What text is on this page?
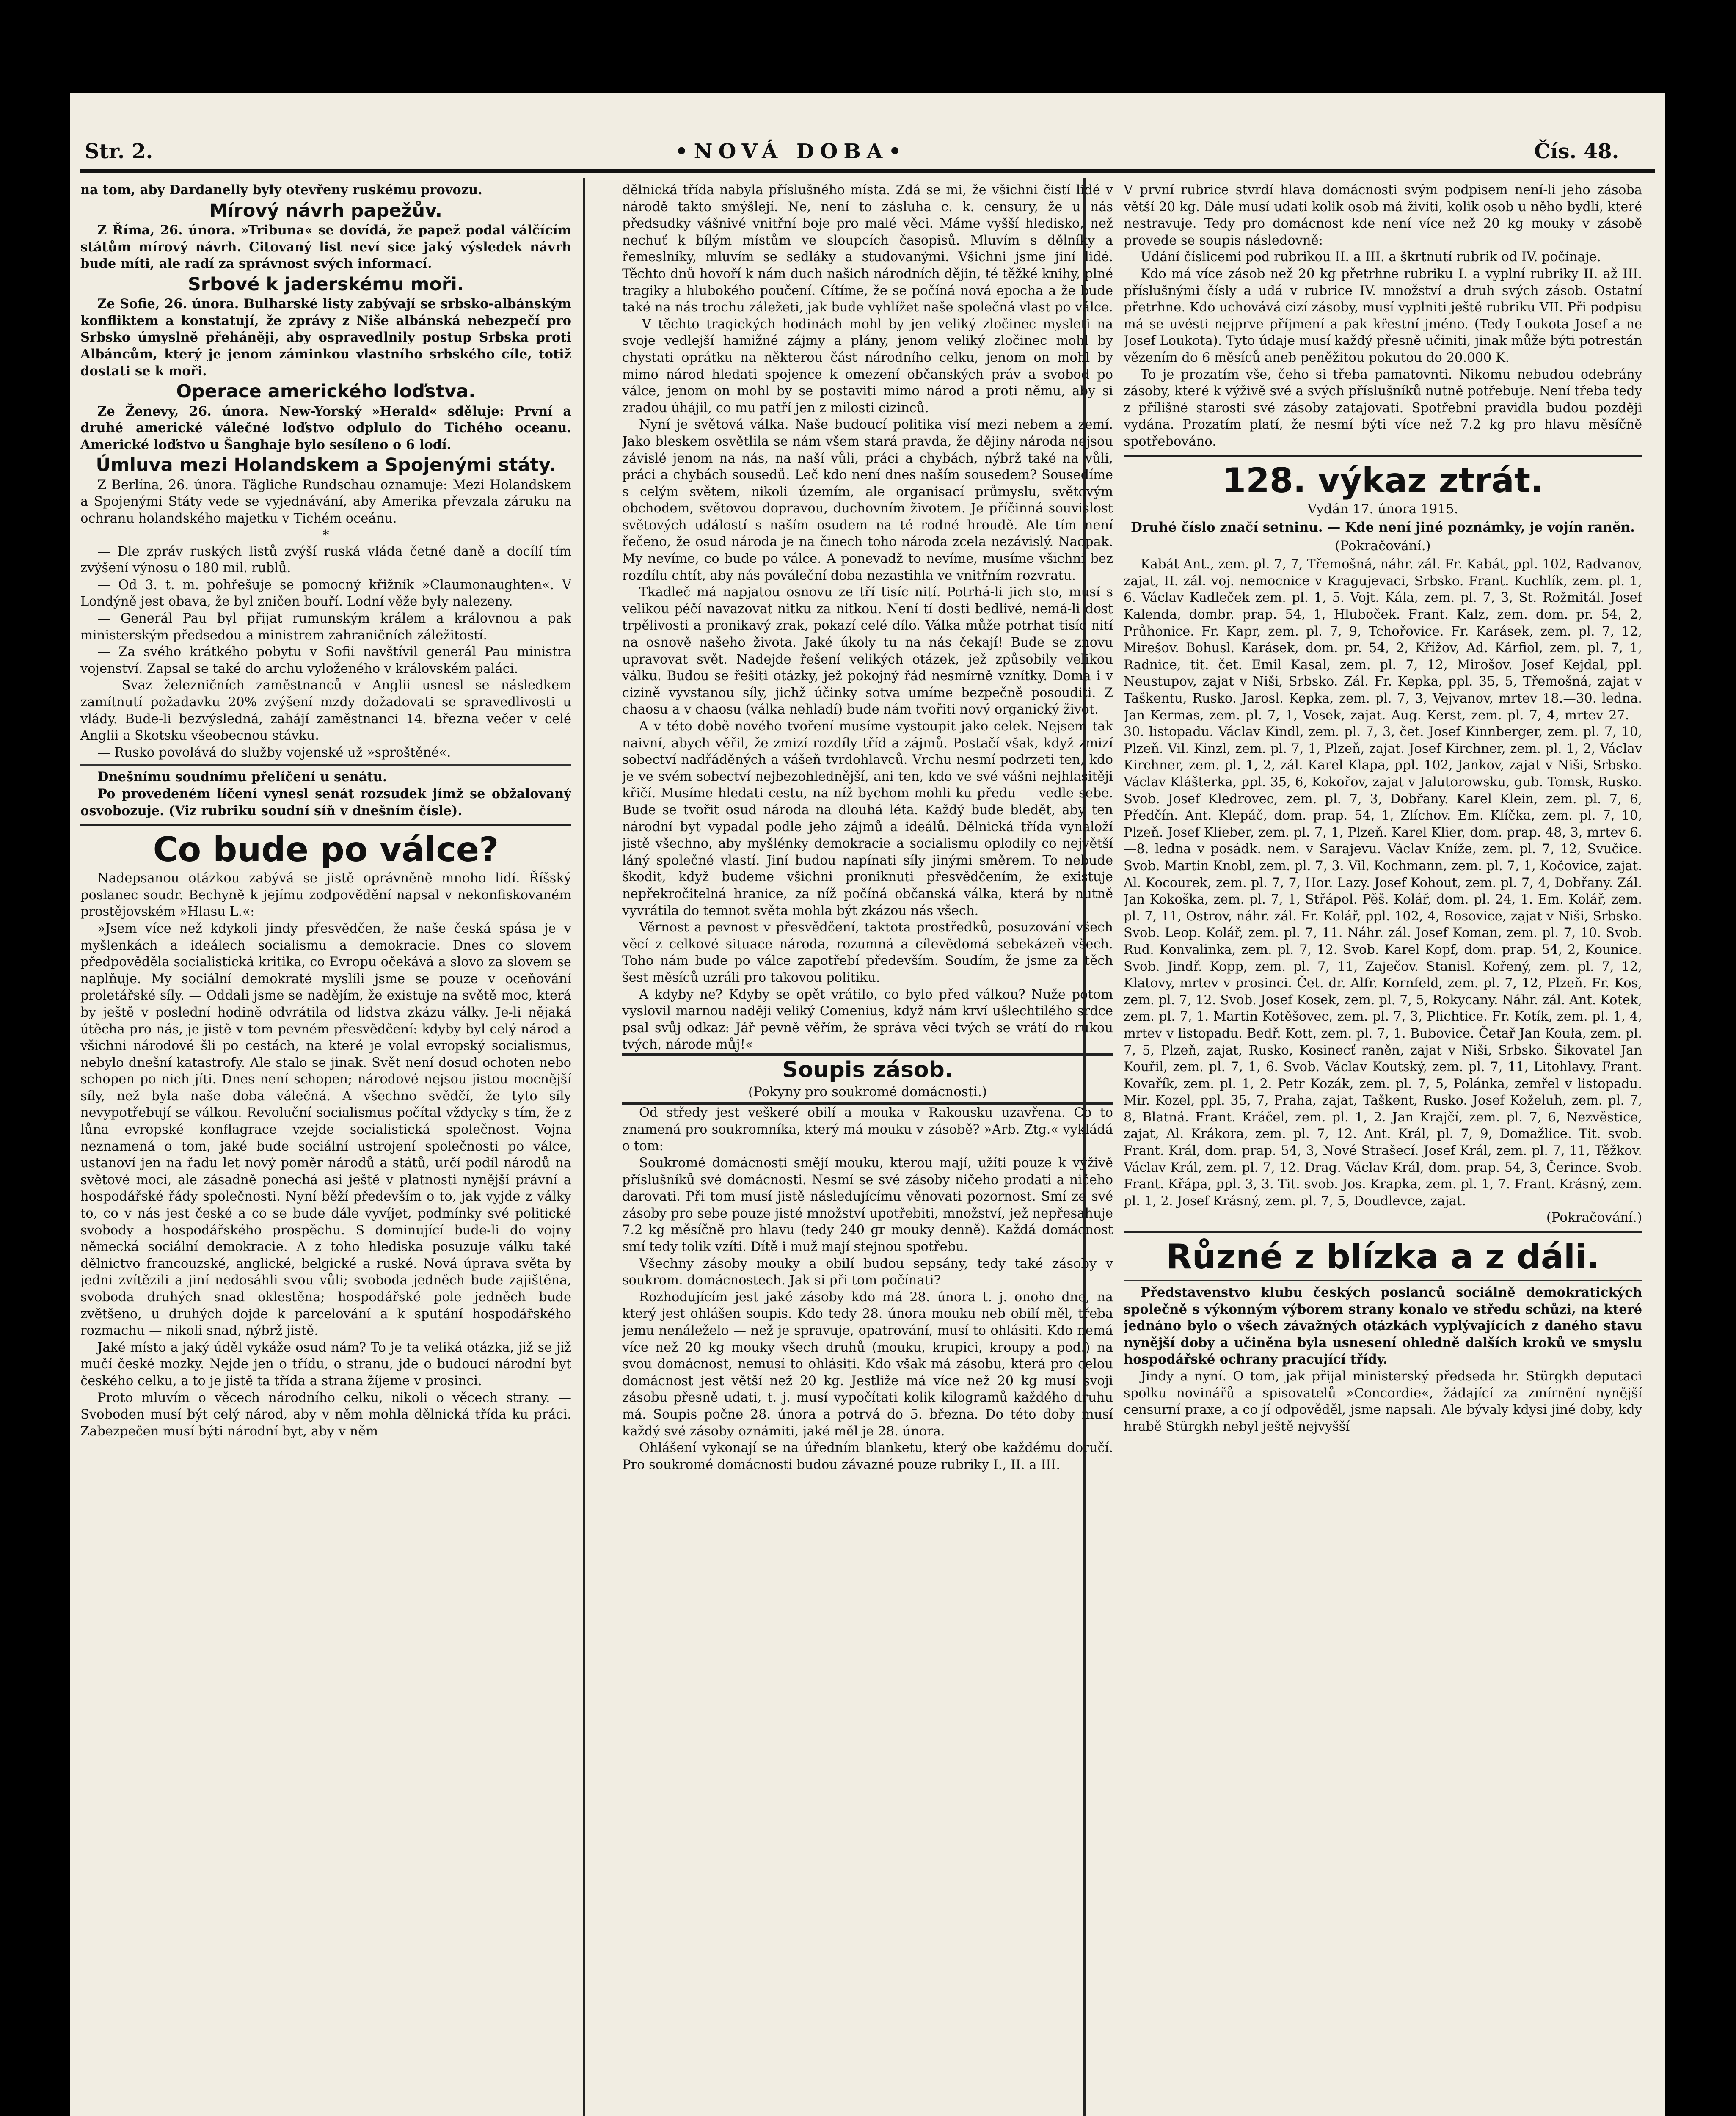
Str. 2.	•NOVÁ DOBA•	Čís. 48.

na tom, aby Dardanelly byly otevřeny ruskému provozu.

Mírový návrh papežův.

Z Říma, 26. února. »Tribuna« se dovídá, že papež podal válčícím státům mírový návrh. Citovaný list neví sice jaký výsledek návrh bude míti, ale radí za správnost svých informací.

Srbové k jaderskému moři.

Ze Sofie, 26. února. Bulharské listy zabývají se srbsko-albánským konfliktem a konstatují, že zprávy z Niše albánská nebezpečí pro Srbsko úmyslně přeháněji, aby ospravedlnily postup Srbska proti Albáncům, který je jenom záminkou vlastního srbského cíle, totiž dostati se k moři.

Operace amerického loďstva.

Ze Ženevy, 26. února. New-Yorský »Herald« sděluje: První a druhé americké válečné loďstvo odplulo do Tichého oceanu. Americké loďstvo u Šanghaje bylo sesíleno o 6 lodí.

Úmluva mezi Holandskem a Spojenými státy.

Z Berlína, 26. února. Tägliche Rundschau oznamuje: Mezi Holandskem a Spojenými Státy vede se vyjednávání, aby Amerika převzala záruku na ochranu holandského majetku v Tichém oceánu.

*

— Dle zpráv ruských listů zvýší ruská vláda četné daně a docílí tím zvýšení výnosu o 180 mil. rublů.

— Od 3. t. m. pohřešuje se pomocný křižník »Claumonaughten«. V Londýně jest obava, že byl zničen bouří. Lodní věže byly nalezeny.

— Generál Pau byl přijat rumunským králem a královnou a pak ministerským předsedou a ministrem zahraničních záležitostí.

— Za svého krátkého pobytu v Sofii navštívil generál Pau ministra vojenství. Zapsal se také do archu vyloženého v královském paláci.

— Svaz železničních zaměstnanců v Anglii usnesl se následkem zamítnutí požadavku 20% zvýšení mzdy dožadovati se spravedlivosti u vlády. Bude-li bezvýsledná, zahájí zaměstnanci 14. března večer v celé Anglii a Skotsku všeobecnou stávku.

— Rusko povolává do služby vojenské už »sproštěné«.

Dnešnímu soudnímu přelíčení u senátu.

Po provedeném líčení vynesl senát rozsudek jímž se obžalovaný osvobozuje. (Viz rubriku soudní síň v dnešním čísle).

Co bude po válce?

Nadepsanou otázkou zabývá se jistě oprávněně mnoho lidí. Říšský poslanec soudr. Bechyně k jejímu zodpovědění napsal v nekonfiskovaném prostějovském »Hlasu L.«:

»Jsem více než kdykoli jindy přesvědčen, že naše česká spása je v myšlenkách a ideálech socialismu a demokracie. Dnes co slovem předpověděla socialistická kritika, co Evropu očekává a slovo za slovem se naplňuje. My sociální demokraté myslíli jsme se pouze v oceňování proletářské síly. — Oddali jsme se nadějím, že existuje na světě moc, která by ještě v poslední hodině odvrátila od lidstva zkázu války. Je-li nějaká útěcha pro nás, je jistě v tom pevném přesvědčení: kdyby byl celý národ a všichni národové šli po cestách, na které je volal evropský socialismus, nebylo dnešní katastrofy. Ale stalo se jinak. Svět není dosud ochoten nebo schopen po nich jíti. Dnes není schopen; národové nejsou jistou mocnější síly, než byla naše doba válečná. A všechno svědčí, že tyto síly nevypotřebují se válkou. Revoluční socialismus počítal vždycky s tím, že z lůna evropské konflagrace vzejde socialistická společnost. Vojna neznamená o tom, jaké bude sociální ustrojení společnosti po válce, ustanoví jen na řadu let nový poměr národů a států, určí podíl národů na světové moci, ale zásadně ponechá asi ještě v platnosti nynější právní a hospodářské řády společnosti. Nyní běží především o to, jak vyjde z války to, co v nás jest české a co se bude dále vyvíjet, podmínky své politické svobody a hospodářského prospěchu. S dominující bude-li do vojny německá sociální demokracie. A z toho hlediska posuzuje válku také dělnictvo francouzské, anglické, belgické a ruské. Nová úprava světa by jedni zvítězili a jiní nedosáhli svou vůli; svoboda jedněch bude zajištěna, svoboda druhých snad oklestěna; hospodářské pole jedněch bude zvětšeno, u druhých dojde k parcelování a k sputání hospodářského rozmachu — nikoli snad, nýbrž jistě.

Jaké místo a jaký úděl vykáže osud nám? To je ta veliká otázka, již se již mučí české mozky. Nejde jen o třídu, o stranu, jde o budoucí národní byt českého celku, a to je jistě ta třída a strana žíjeme v prosinci.

Proto mluvím o věcech národního celku, nikoli o věcech strany. — Svoboden musí být celý národ, aby v něm mohla dělnická třída ku práci. Zabezpečen musí býti národní byt, aby v něm

dělnická třída nabyla příslušného místa. Zdá se mi, že všichni čistí lidé v národě takto smýšlejí. Ne, není to zásluha c. k. censury, že u nás předsudky vášnivé vnitřní boje pro malé věci. Máme vyšší hledisko, než nechuť k bílým místům ve sloupcích časopisů. Mluvím s dělníky a řemeslníky, mluvím se sedláky a studovanými. Všichni jsme jiní lidé. Těchto dnů hovoří k nám duch našich národních dějin, té těžké knihy, plné tragiky a hlubokého poučení. Cítíme, že se počíná nová epocha a že bude také na nás trochu záležeti, jak bude vyhlížet naše společná vlast po válce. — V těchto tragických hodinách mohl by jen veliký zločinec mysleti na svoje vedlejší hamižné zájmy a plány, jenom veliký zločinec mohl by chystati oprátku na některou část národního celku, jenom on mohl by mimo národ hledati spojence k omezení občanských práv a svobod po válce, jenom on mohl by se postaviti mimo národ a proti němu, aby si zradou úhájil, co mu patří jen z milosti cizinců.

Nyní je světová válka. Naše budoucí politika visí mezi nebem a zemí. Jako bleskem osvětlila se nám všem stará pravda, že dějiny národa nejsou závislé jenom na nás, na naší vůli, práci a chybách, nýbrž také na vůli, práci a chybách sousedů. Leč kdo není dnes naším sousedem? Sousedíme s celým světem, nikoli územím, ale organisací průmyslu, světovým obchodem, světovou dopravou, duchovním životem. Je příčinná souvislost světových událostí s naším osudem na té rodné hroudě. Ale tím není řečeno, že osud národa je na činech toho národa zcela nezávislý. Naopak. My nevíme, co bude po válce. A ponevadž to nevíme, musíme všichni bez rozdílu chtít, aby nás pováleční doba nezastihla ve vnitřním rozvratu.

Tkadleč má napjatou osnovu ze tří tisíc nití. Potrhá-li jich sto, musí s velikou péčí navazovat nitku za nitkou. Není tí dosti bedlivé, nemá-li dost trpělivosti a pronikavý zrak, pokazí celé dílo. Válka může potrhat tisíc nití na osnově našeho života. Jaké úkoly tu na nás čekají! Bude se znovu upravovat svět. Nadejde řešení velikých otázek, jež způsobily velikou válku. Budou se řešiti otázky, jež pokojný řád nesmírně vznítky. Doma i v cizině vyvstanou síly, jichž účinky sotva umíme bezpečně posouditi. Z chaosu a v chaosu (válka nehladí) bude nám tvořiti nový organický život.

A v této době nového tvoření musíme vystoupit jako celek. Nejsem tak naivní, abych věřil, že zmizí rozdíly tříd a zájmů. Postačí však, když zmizí sobectví nadřáděných a vášeň tvrdohlavců. Vrchu nesmí podrzeti ten, kdo je ve svém sobectví nejbezohlednější, ani ten, kdo ve své vášni nejhlasitěji křičí. Musíme hledati cestu, na níž bychom mohli ku předu — vedle sebe. Bude se tvořit osud národa na dlouhá léta. Každý bude bledět, aby ten národní byt vypadal podle jeho zájmů a ideálů. Dělnická třída vynaloží jistě všechno, aby myšlénky demokracie a socialismu oplodily co největší láný společné vlastí. Jiní budou napínati síly jinými směrem. To nebude škodit, když budeme všichni proniknuti přesvědčením, že existuje nepřekročitelná hranice, za níž počíná občanská válka, která by nutně vyvrátila do temnot světa mohla být zkázou nás všech.

Věrnost a pevnost v přesvědčení, taktota prostředků, posuzování všech věcí z celkové situace národa, rozumná a cílevědomá sebekázeň všech. Toho nám bude po válce zapotřebí především. Soudím, že jsme za těch šest měsíců uzráli pro takovou politiku.

A kdyby ne? Kdyby se opět vrátilo, co bylo před válkou? Nuže potom vyslovil marnou naději veliký Comenius, když nám krví ušlechtilého srdce psal svůj odkaz: Jář pevně věřím, že správa věcí tvých se vrátí do rukou tvých, národe můj!«

Soupis zásob.

(Pokyny pro soukromé domácnosti.)

Od středy jest veškeré obilí a mouka v Rakousku uzavřena. Co to znamená pro soukromníka, který má mouku v zásobě? »Arb. Ztg.« vykládá o tom:

Soukromé domácnosti smějí mouku, kterou mají, užíti pouze k výživě příslušníků své domácnosti. Nesmí se své zásoby ničeho prodati a ničeho darovati. Při tom musí jistě následujícímu věnovati pozornost. Smí ze své zásoby pro sebe pouze jisté množství upotřebiti, množství, jež nepřesahuje 7.2 kg měsíčně pro hlavu (tedy 240 gr mouky denně). Každá domácnost smí tedy tolik vzíti. Dítě i muž mají stejnou spotřebu.

Všechny zásoby mouky a obilí budou sepsány, tedy také zásoby v soukrom. domácnostech. Jak si při tom počínati?

Rozhodujícím jest jaké zásoby kdo má 28. února t. j. onoho dne, na který jest ohlášen soupis. Kdo tedy 28. února mouku neb obilí měl, třeba jemu nenáleželo — než je spravuje, opatrování, musí to ohlásiti. Kdo nemá více než 20 kg mouky všech druhů (mouku, krupici, kroupy a pod.) na svou domácnost, nemusí to ohlásiti. Kdo však má zásobu, která pro celou domácnost jest větší než 20 kg. Jestliže má více než 20 kg musí svoji zásobu přesně udati, t. j. musí vypočítati kolik kilogramů každého druhu má. Soupis počne 28. února a potrvá do 5. března. Do této doby musí každý své zásoby oznámiti, jaké měl je 28. února.

Ohlášení vykonají se na úředním blanketu, který obe každému doručí. Pro soukromé domácnosti budou závazné pouze rubriky I., II. a III.

V první rubrice stvrdí hlava domácnosti svým podpisem není-li jeho zásoba větší 20 kg. Dále musí udati kolik osob má živiti, kolik osob u něho bydlí, které nestravuje. Tedy pro domácnost kde není více než 20 kg mouky v zásobě provede se soupis následovně:

Udání číslicemi pod rubrikou II. a III. a škrtnutí rubrik od IV. počínaje.

Kdo má více zásob než 20 kg přetrhne rubriku I. a vyplní rubriky II. až III. příslušnými čísly a udá v rubrice IV. množství a druh svých zásob. Ostatní přetrhne. Kdo uchovává cizí zásoby, musí vyplniti ještě rubriku VII. Při podpisu má se uvésti nejprve příjmení a pak křestní jméno. (Tedy Loukota Josef a ne Josef Loukota). Tyto údaje musí každý přesně učiniti, jinak může býti potrestán vězením do 6 měsíců aneb peněžitou pokutou do 20.000 K.

To je prozatím vše, čeho si třeba pamatovnti. Nikomu nebudou odebrány zásoby, které k výživě své a svých příslušníků nutně potřebuje. Není třeba tedy z přílišné starosti své zásoby zatajovati. Spotřební pravidla budou později vydána. Prozatím platí, že nesmí býti více než 7.2 kg pro hlavu měsíčně spotřebováno.

128. výkaz ztrát.

Vydán 17. února 1915.

Druhé číslo značí setninu. — Kde není jiné poznámky, je vojín raněn.

(Pokračování.)

Kabát Ant., zem. pl. 7, 7, Třemošná, náhr. zál. Fr. Kabát, ppl. 102, Radvanov, zajat, II. zál. voj. nemocnice v Kragujevaci, Srbsko. Frant. Kuchlík, zem. pl. 1, 6. Václav Kadleček zem. pl. 1, 5. Vojt. Kála, zem. pl. 7, 3, St. Rožmitál. Josef Kalenda, dombr. prap. 54, 1, Hluboček. Frant. Kalz, zem. dom. pr. 54, 2, Průhonice. Fr. Kapr, zem. pl. 7, 9, Tchořovice. Fr. Karásek, zem. pl. 7, 12, Mirešov. Bohusl. Karásek, dom. pr. 54, 2, Křížov, Ad. Kárfiol, zem. pl. 7, 1, Radnice, tit. čet. Emil Kasal, zem. pl. 7, 12, Mirošov. Josef Kejdal, ppl. Neustupov, zajat v Niši, Srbsko. Zál. Fr. Kepka, ppl. 35, 5, Třemošná, zajat v Taškentu, Rusko. Jarosl. Kepka, zem. pl. 7, 3, Vejvanov, mrtev 18.—30. ledna. Jan Kermas, zem. pl. 7, 1, Vosek, zajat. Aug. Kerst, zem. pl. 7, 4, mrtev 27.—30. listopadu. Václav Kindl, zem. pl. 7, 3, čet. Josef Kinnberger, zem. pl. 7, 10, Plzeň. Vil. Kinzl, zem. pl. 7, 1, Plzeň, zajat. Josef Kirchner, zem. pl. 1, 2, Václav Kirchner, zem. pl. 1, 2, zál. Karel Klapa, ppl. 102, Jankov, zajat v Niši, Srbsko. Václav Klášterka, ppl. 35, 6, Kokořov, zajat v Jalutorowsku, gub. Tomsk, Rusko. Svob. Josef Kledrovec, zem. pl. 7, 3, Dobřany. Karel Klein, zem. pl. 7, 6, Předčín. Ant. Klepáč, dom. prap. 54, 1, Zlíchov. Em. Klíčka, zem. pl. 7, 10, Plzeň. Josef Klieber, zem. pl. 7, 1, Plzeň. Karel Klier, dom. prap. 48, 3, mrtev 6.—8. ledna v posádk. nem. v Sarajevu. Václav Kníže, zem. pl. 7, 12, Svučice. Svob. Martin Knobl, zem. pl. 7, 3. Vil. Kochmann, zem. pl. 7, 1, Kočovice, zajat. Al. Kocourek, zem. pl. 7, 7, Hor. Lazy. Josef Kohout, zem. pl. 7, 4, Dobřany. Zál. Jan Kokoška, zem. pl. 7, 1, Střápol. Pěš. Kolář, dom. pl. 24, 1. Em. Kolář, zem. pl. 7, 11, Ostrov, náhr. zál. Fr. Kolář, ppl. 102, 4, Rosovice, zajat v Niši, Srbsko. Svob. Leop. Kolář, zem. pl. 7, 11. Náhr. zál. Josef Koman, zem. pl. 7, 10. Svob. Rud. Konvalinka, zem. pl. 7, 12. Svob. Karel Kopf, dom. prap. 54, 2, Kounice. Svob. Jindř. Kopp, zem. pl. 7, 11, Zaječov. Stanisl. Kořený, zem. pl. 7, 12, Klatovy, mrtev v prosinci. Čet. dr. Alfr. Kornfeld, zem. pl. 7, 12, Plzeň. Fr. Kos, zem. pl. 7, 12. Svob. Josef Kosek, zem. pl. 7, 5, Rokycany. Náhr. zál. Ant. Kotek, zem. pl. 7, 1. Martin Kotěšovec, zem. pl. 7, 3, Plichtice. Fr. Kotík, zem. pl. 1, 4, mrtev v listopadu. Bedř. Kott, zem. pl. 7, 1. Bubovice. Četař Jan Kouła, zem. pl. 7, 5, Plzeň, zajat, Rusko, Kosinecť raněn, zajat v Niši, Srbsko. Šikovatel Jan Kouřil, zem. pl. 7, 1, 6. Svob. Václav Koutský, zem. pl. 7, 11, Litohlavy. Frant. Kovařík, zem. pl. 1, 2. Petr Kozák, zem. pl. 7, 5, Polánka, zemřel v listopadu. Mir. Kozel, ppl. 35, 7, Praha, zajat, Taškent, Rusko. Josef Koželuh, zem. pl. 7, 8, Blatná. Frant. Kráčel, zem. pl. 1, 2. Jan Krajčí, zem. pl. 7, 6, Nezvěstice, zajat, Al. Krákora, zem. pl. 7, 12. Ant. Král, pl. 7, 9, Domažlice. Tit. svob. Frant. Král, dom. prap. 54, 3, Nové Strašecí. Josef Král, zem. pl. 7, 11, Těžkov. Václav Král, zem. pl. 7, 12. Drag. Václav Král, dom. prap. 54, 3, Čerince. Svob. Frant. Křápa, ppl. 3, 3. Tit. svob. Jos. Krapka, zem. pl. 1, 7. Frant. Krásný, zem. pl. 1, 2. Josef Krásný, zem. pl. 7, 5, Doudlevce, zajat.

(Pokračování.)

Různé z blízka a z dáli.

Představenstvo klubu českých poslanců sociálně demokratických společně s výkonným výborem strany konalo ve středu schůzi, na které jednáno bylo o všech závažných otázkách vyplývajících z daného stavu nynější doby a učiněna byla usnesení ohledně dalších kroků ve smyslu hospodářské ochrany pracující třídy.

Jindy a nyní. O tom, jak přijal ministerský předseda hr. Stürgkh deputaci spolku novinářů a spisovatelů »Concordie«, žádající za zmírnění nynější censurní praxe, a co jí odpověděl, jsme napsali. Ale bývaly kdysi jiné doby, kdy hrabě Stürgkh nebyl ještě nejvyšší
